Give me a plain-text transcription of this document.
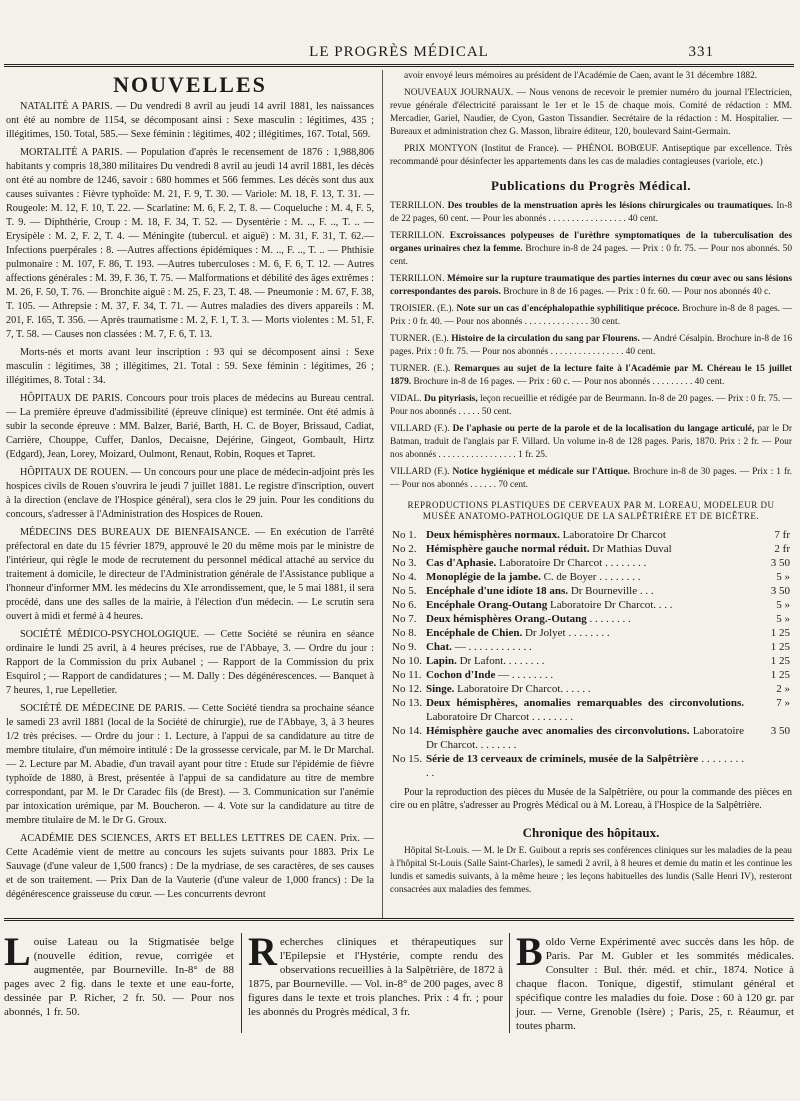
LE PROGRÈS MÉDICAL	331
NOUVELLES

NATALITÉ A PARIS. — Du vendredi 8 avril au jeudi 14 avril 1881, les naissances ont été au nombre de 1154, se décomposant ainsi : Sexe masculin : légitimes, 435 ; illégitimes, 150. Total, 585.— Sexe féminin : légitimes, 402 ; illégitimes, 167. Total, 569.

MORTALITÉ A PARIS. — Population d'après le recensement de 1876 : 1,988,806 habitants y compris 18,380 militaires Du vendredi 8 avril au jeudi 14 avril 1881, les décès ont été au nombre de 1246, savoir : 680 hommes et 566 femmes. Les décès sont dus aux causes suivantes : Fièvre typhoïde: M. 21, F. 9, T. 30. — Variole: M. 18, F. 13, T. 31. — Rougeole: M. 12, F. 10, T. 22. — Scarlatine: M. 6, F. 2, T. 8. — Coqueluche : M. 4, F. 5, T. 9. — Diphthérie, Croup : M. 18, F. 34, T. 52. — Dysentérie : M. .., F. .., T. .. — Erysipèle : M. 2, F. 2, T. 4. — Méningite (tubercul. et aiguë) : M. 31, F. 31, T. 62.— Infections puerpérales : 8. —Autres affections épidémiques : M. .., F. .., T. .. — Phthisie pulmonaire : M. 107, F. 86, T. 193. —Autres tuberculoses : M. 6, F. 6, T. 12. — Autres affections générales : M. 39, F. 36, T. 75. — Malformations et débilité des âges extrêmes : M. 26, F. 50, T. 76. — Bronchite aiguë : M. 25, F. 23, T. 48. — Pneumonie : M. 67, F. 38, T. 105. — Athrepsie : M. 37, F. 34, T. 71. — Autres maladies des divers appareils : M. 201, F. 165, T. 356. — Après traumatisme : M. 2, F. 1, T. 3. — Morts violentes : M. 51, F. 7, T. 58. — Causes non classées : M. 7, F. 6, T. 13.

Morts-nés et morts avant leur inscription : 93 qui se décomposent ainsi : Sexe masculin : légitimes, 38 ; illégitimes, 21. Total : 59. Sexe féminin : légitimes, 26 ; illégitimes, 8. Total : 34.

HÔPITAUX DE PARIS. Concours pour trois places de médecins au Bureau central. — La première épreuve d'admissibilité (épreuve clinique) est terminée. Ont été admis à subir la seconde épreuve : MM. Balzer, Barié, Barth, H. C. de Boyer, Brissaud, Cadiat, Carrière, Chouppe, Cuffer, Danlos, Decaisne, Dejérine, Gingeot, Gombault, Hirtz (Edgard), Jean, Lorey, Moizard, Oulmont, Renaut, Robin, Roques et Tapret.

HÔPITAUX DE ROUEN. — Un concours pour une place de médecin-adjoint près les hospices civils de Rouen s'ouvrira le jeudi 7 juillet 1881. Le registre d'inscription, ouvert à la direction (enclave de l'Hospice général), sera clos le 29 juin. Pour les conditions du concours, s'adresser à l'Administration des Hospices de Rouen.

MÉDECINS DES BUREAUX DE BIENFAISANCE. — En exécution de l'arrêté préfectoral en date du 15 février 1879, approuvé le 20 du même mois par le ministre de l'intérieur, qui règle le mode de recrutement du personnel médical attaché au service du traitement à domicile, le directeur de l'Administration générale de l'Assistance publique a l'honneur d'informer MM. les médecins du XIe arrondissement, que, le 5 mai 1881, il sera procédé, dans une des salles de la mairie, à l'élection d'un médecin. — Le scrutin sera ouvert à midi et fermé à 4 heures.

SOCIÉTÉ MÉDICO-PSYCHOLOGIQUE. — Cette Société se réunira en séance ordinaire le lundi 25 avril, à 4 heures précises, rue de l'Abbaye, 3. — Ordre du jour : Rapport de la Commission du prix Aubanel ; — Rapport de la Commission du prix Esquirol ; — Rapport de candidatures ; — M. Dally : Des dégénérescences. — Banquet à 7 heures, 1, rue Lepelletier.

SOCIÉTÉ DE MÉDECINE DE PARIS. — Cette Société tiendra sa prochaine séance le samedi 23 avril 1881 (local de la Société de chirurgie), rue de l'Abbaye, 3, à 3 heures 1/2 très précises. — Ordre du jour : 1. Lecture, à l'appui de sa candidature au titre de membre titulaire, d'un mémoire intitulé : De la grossesse cervicale, par M. le Dr Marchal. — 2. Lecture par M. Abadie, d'un travail ayant pour titre : Etude sur l'épidémie de fièvre typhoïde de 1880, à Brest, présentée à l'appui de sa candidature au titre de membre correspondant, par M. le Dr Caradec fils (de Brest). — 3. Communication sur l'anémie par intoxication urémique, par M. Boucheron. — 4. Vote sur la candidature au titre de membre titulaire de M. le Dr G. Groux.

ACADÉMIE DES SCIENCES, ARTS ET BELLES LETTRES DE CAEN. Prix. — Cette Académie vient de mettre au concours les sujets suivants pour 1883. Prix Le Sauvage (d'une valeur de 1,500 francs) : De la mydriase, de ses caractères, de ses causes et de son traitement. — Prix Dan de la Vauterie (d'une valeur de 1,000 francs) : De la dégénérescence graisseuse du cœur. — Les concurrents devront

avoir envoyé leurs mémoires au président de l'Académie de Caen, avant le 31 décembre 1882.

NOUVEAUX JOURNAUX. — Nous venons de recevoir le premier numéro du journal l'Electricien, revue générale d'électricité paraissant le 1er et le 15 de chaque mois. Comité de rédaction : MM. Mercadier, Gariel, Naudier, de Cyon, Gaston Tissandier. Secrétaire de la rédaction : M. Hospitalier. — Bureaux et administration chez G. Masson, libraire éditeur, 120, boulevard Saint-Germain.

PRIX MONTYON (Institut de France). — PHÉNOL BOBŒUF. Antiseptique par excellence. Très recommandé pour désinfecter les appartements dans les cas de maladies contagieuses (variole, etc.)

Publications du Progrès Médical.

TERRILLON. Des troubles de la menstruation après les lésions chirurgicales ou traumatiques. In-8 de 22 pages, 60 cent. — Pour les abonnés . . . . . . . . . . . . . . . . . 40 cent.

TERRILLON. Excroissances polypeuses de l'urèthre symptomatiques de la tuberculisation des organes urinaires chez la femme. Brochure in-8 de 24 pages. — Prix : 0 fr. 75. — Pour nos abonnés. 50 cent.

TERRILLON. Mémoire sur la rupture traumatique des parties internes du cœur avec ou sans lésions correspondantes des parois. Brochure in 8 de 16 pages. — Prix : 0 fr. 60. — Pour nos abonnés 40 c.

TROISIER. (E.). Note sur un cas d'encéphalopathie syphilitique précoce. Brochure in-8 de 8 pages. — Prix : 0 fr. 40. — Pour nos abonnés . . . . . . . . . . . . . . 30 cent.

TURNER. (E.). Histoire de la circulation du sang par Flourens. — André Césalpin. Brochure in-8 de 16 pages. Prix : 0 fr. 75. — Pour nos abonnés . . . . . . . . . . . . . . . . 40 cent.

TURNER. (E.). Remarques au sujet de la lecture faite à l'Académie par M. Chéreau le 15 juillet 1879. Brochure in-8 de 16 pages. — Prix : 60 c. — Pour nos abonnés . . . . . . . . . 40 cent.

VIDAL. Du pityriasis, leçon recueillie et rédigée par de Beurmann. In-8 de 20 pages. — Prix : 0 fr. 75. — Pour nos abonnés . . . . . 50 cent.

VILLARD (F.). De l'aphasie ou perte de la parole et de la localisation du langage articulé, par le Dr Batman, traduit de l'anglais par F. Villard. Un volume in-8 de 128 pages. Paris, 1870. Prix : 2 fr. — Pour nos abonnés . . . . . . . . . . . . . . . . . 1 fr. 25.

VILLARD (F.). Notice hygiénique et médicale sur l'Attique. Brochure in-8 de 30 pages. — Prix : 1 fr. — Pour nos abonnés . . . . . . 70 cent.

REPRODUCTIONS PLASTIQUES DE CERVEAUX PAR M. LOREAU, MODELEUR DU MUSÉE ANATOMO-PATHOLOGIQUE DE LA SALPÊTRIÈRE ET DE BICÊTRE.
No 1.	Deux hémisphères normaux. Laboratoire Dr Charcot	7 fr
No 2.	Hémisphère gauche normal réduit. Dr Mathias Duval	2 fr
No 3.	Cas d'Aphasie. Laboratoire Dr Charcot . . . . . . . .	3 50
No 4.	Monoplégie de la jambe. C. de Boyer . . . . . . . .	5 »
No 5.	Encéphale d'une idiote 18 ans. Dr Bourneville . . .	3 50
No 6.	Encéphale Orang-Outang Laboratoire Dr Charcot. . . .	5 »
No 7.	Deux hémisphères Orang.-Outang . . . . . . . .	5 »
No 8.	Encéphale de Chien. Dr Jolyet . . . . . . . .	1 25
No 9.	Chat. — . . . . . . . . . . . .	1 25
No 10.	Lapin. Dr Lafont. . . . . . . .	1 25
No 11.	Cochon d'Inde — . . . . . . . .	1 25
No 12.	Singe. Laboratoire Dr Charcot. . . . . .	2 »
No 13.	Deux hémisphères, anomalies remarquables des circonvolutions. Laboratoire Dr Charcot . . . . . . . .	7 »
No 14.	Hémisphère gauche avec anomalies des circonvolutions. Laboratoire Dr Charcot. . . . . . . .	3 50
No 15.	Série de 13 cerveaux de criminels, musée de la Salpêtrière . . . . . . . . . .	
Pour la reproduction des pièces du Musée de la Salpêtrière, ou pour la commande des pièces en cire ou en plâtre, s'adresser au Progrès Médical ou à M. Loreau, à l'Hospice de la Salpêtrière.
Chronique des hôpitaux.

Hôpital St-Louis. — M. le Dr E. Guibout a repris ses conférences cliniques sur les maladies de la peau à l'hôpital St-Louis (Salle Saint-Charles), le samedi 2 avril, à 8 heures et demie du matin et les continue les lundis et samedis suivants, à la même heure ; les leçons habituelles des lundis (Salle Henri IV), resteront consacrées aux maladies des femmes.

L ouise Lateau ou la Stigmatisée belge (nouvelle édition, revue, corrigée et augmentée, par Bourneville. In-8° de 88 pages avec 2 fig. dans le texte et une eau-forte, dessinée par P. Richer, 2 fr. 50. — Pour nos abonnés, 1 fr. 50.
R echerches cliniques et thérapeutiques sur l'Epilepsie et l'Hystérie, compte rendu des observations recueillies à la Salpêtrière, de 1872 à 1875, par Bourneville. — Vol. in-8° de 200 pages, avec 8 figures dans le texte et trois planches. Prix : 4 fr. ; pour les abonnés du Progrès médical, 3 fr.
B oldo Verne Expérimenté avec succès dans les hôp. de Paris. Par M. Gubler et les sommités médicales. Consulter : Bul. thér. méd. et chir., 1874. Notice à chaque flacon. Tonique, digestif, stimulant général et spécifique contre les maladies du foie. Dose : 60 à 120 gr. par jour. — Verne, Grenoble (Isère) ; Paris, 25, r. Réaumur, et toutes pharm.
